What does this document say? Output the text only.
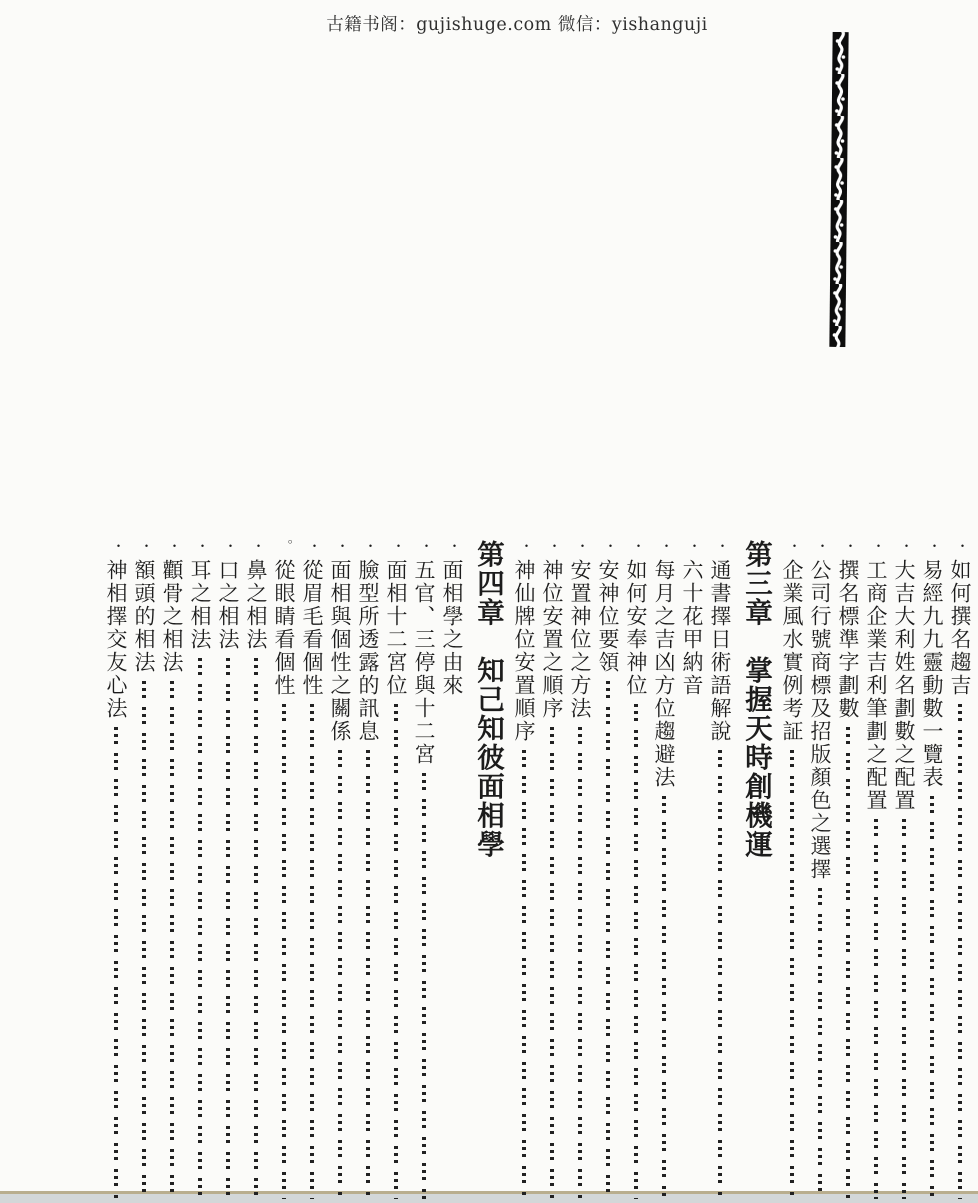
古籍书阁：gujishuge.com 微信：yishanguji
・
如何撰名趨吉
・
易經九九靈動數一覽表
・
大吉大利姓名劃數之配置
・
工商企業吉利筆劃之配置
・
撰名標準字劃數
・
公司行號商標及招版顏色之選擇
・
企業風水實例考証
第三章　掌握天時創機運
・
通書擇日術語解說
・
六十花甲納音
・
每月之吉凶方位趨避法
・
如何安奉神位
・
安神位要領
・
安置神位之方法
・
神位安置之順序
・
神仙牌位安置順序
第四章　知己知彼面相學
・
面相學之由來
・
五官、三停與十二宮
・
面相十二宮位
・
臉型所透露的訊息
・
面相與個性之關係
・
從眉毛看個性
。
從眼睛看個性
・
鼻之相法
・
口之相法
・
耳之相法
・
顴骨之相法
・
額頭的相法
・
神相擇交友心法
